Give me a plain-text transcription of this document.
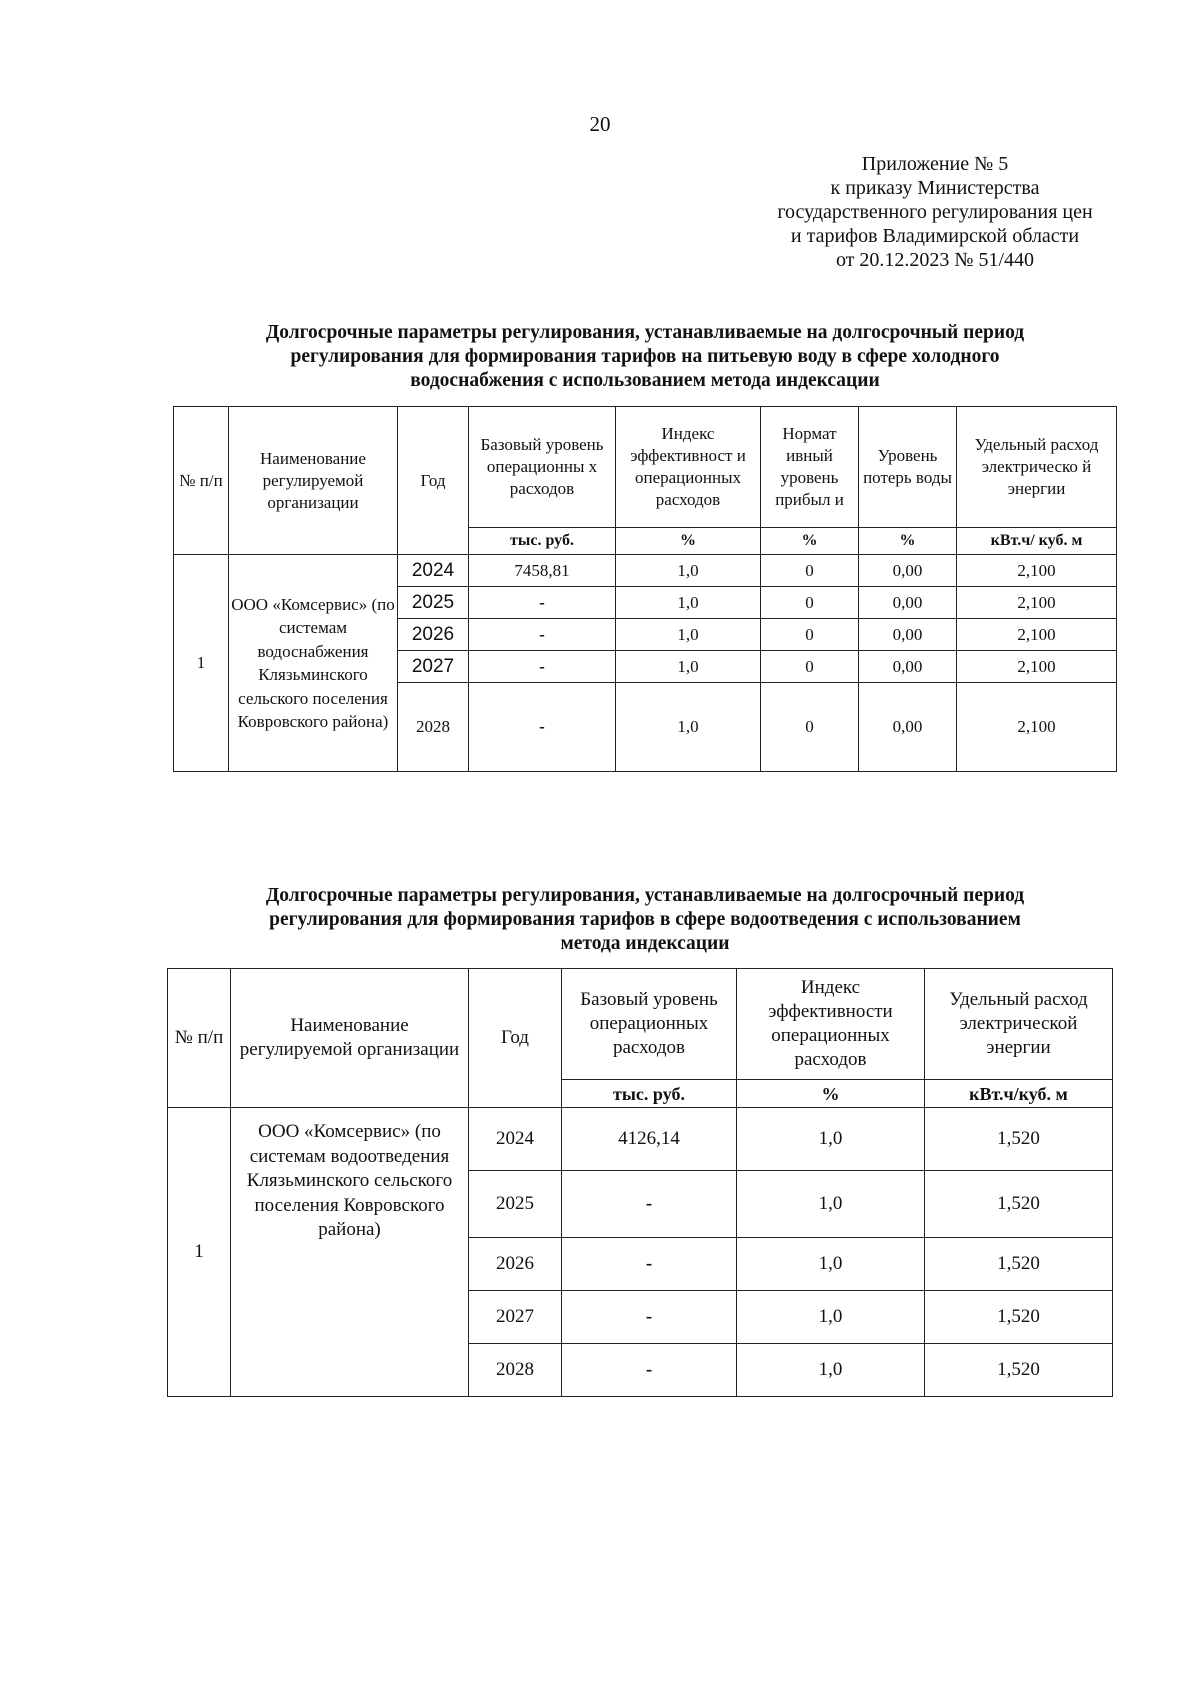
20
Приложение № 5
к приказу Министерства
государственного регулирования цен
и тарифов Владимирской области
от 20.12.2023 № 51/440
Долгосрочные параметры регулирования, устанавливаемые на долгосрочный период
регулирования для формирования тарифов на питьевую воду в сфере холодного
водоснабжения с использованием метода индексации
№ п/п	Наименование регулируемой организации	Год	Базовый уровень операционны х расходов	Индекс эффективност и операционных расходов	Нормат ивный уровень прибыл и	Уровень потерь воды	Удельный расход электрическо й энергии
			тыс. руб.	%	%	%	кВт.ч/ куб. м
1	ООО «Комсервис» (по системам водоснабжения Клязьминского сельского поселения Ковровского района)	2024	7458,81	1,0	0	0,00	2,100
		2025	-	1,0	0	0,00	2,100
		2026	-	1,0	0	0,00	2,100
		2027	-	1,0	0	0,00	2,100
		2028	-	1,0	0	0,00	2,100
Долгосрочные параметры регулирования, устанавливаемые на долгосрочный период
регулирования для формирования тарифов в сфере водоотведения с использованием
метода индексации
№ п/п	Наименование регулируемой организации	Год	Базовый уровень операционных расходов	Индекс эффективности операционных расходов	Удельный расход электрической энергии
			тыс. руб.	%	кВт.ч/куб. м
1	ООО «Комсервис» (по системам водоотведения Клязьминского сельского поселения Ковровского района)	2024	4126,14	1,0	1,520
		2025	-	1,0	1,520
		2026	-	1,0	1,520
		2027	-	1,0	1,520
		2028	-	1,0	1,520
